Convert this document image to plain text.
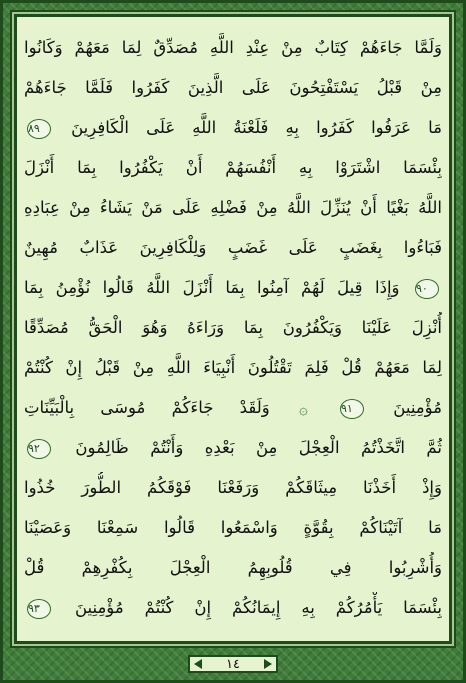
وَلَمَّا جَاءَهُمْ كِتَابٌ مِنْ عِنْدِ اللَّهِ مُصَدِّقٌ لِمَا مَعَهُمْ وَكَانُوا
مِنْ قَبْلُ يَسْتَفْتِحُونَ عَلَى الَّذِينَ كَفَرُوا فَلَمَّا جَاءَهُمْ
مَا عَرَفُوا كَفَرُوا بِهِ فَلَعْنَةُ اللَّهِ عَلَى الْكَافِرِينَ ٨٩
بِئْسَمَا اشْتَرَوْا بِهِ أَنْفُسَهُمْ أَنْ يَكْفُرُوا بِمَا أَنْزَلَ
اللَّهُ بَغْيًا أَنْ يُنَزِّلَ اللَّهُ مِنْ فَضْلِهِ عَلَى مَنْ يَشَاءُ مِنْ عِبَادِهِ
فَبَاءُوا بِغَضَبٍ عَلَى غَضَبٍ وَلِلْكَافِرِينَ عَذَابٌ مُهِينٌ
٩٠ وَإِذَا قِيلَ لَهُمْ آمِنُوا بِمَا أَنْزَلَ اللَّهُ قَالُوا نُؤْمِنُ بِمَا
أُنْزِلَ عَلَيْنَا وَيَكْفُرُونَ بِمَا وَرَاءَهُ وَهُوَ الْحَقُّ مُصَدِّقًا
لِمَا مَعَهُمْ قُلْ فَلِمَ تَقْتُلُونَ أَنْبِيَاءَ اللَّهِ مِنْ قَبْلُ إِنْ كُنْتُمْ
مُؤْمِنِينَ ٩١ ۞ وَلَقَدْ جَاءَكُمْ مُوسَى بِالْبَيِّنَاتِ
ثُمَّ اتَّخَذْتُمُ الْعِجْلَ مِنْ بَعْدِهِ وَأَنْتُمْ ظَالِمُونَ ٩٢
وَإِذْ أَخَذْنَا مِيثَاقَكُمْ وَرَفَعْنَا فَوْقَكُمُ الطُّورَ خُذُوا
مَا آتَيْنَاكُمْ بِقُوَّةٍ وَاسْمَعُوا قَالُوا سَمِعْنَا وَعَصَيْنَا
وَأُشْرِبُوا فِي قُلُوبِهِمُ الْعِجْلَ بِكُفْرِهِمْ قُلْ
بِئْسَمَا يَأْمُرُكُمْ بِهِ إِيمَانُكُمْ إِنْ كُنْتُمْ مُؤْمِنِينَ ٩٣
١٤
